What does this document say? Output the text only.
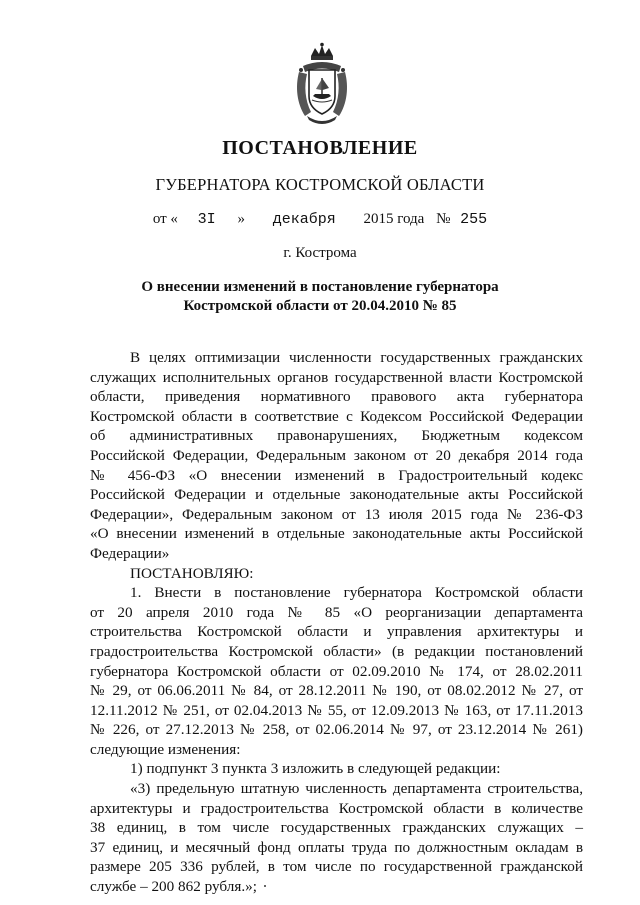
ПОСТАНОВЛЕНИЕ
ГУБЕРНАТОРА КОСТРОМСКОЙ ОБЛАСТИ
от « 3I » декабря 2015 года № 255
г. Кострома
О внесении изменений в постановление губернатора
Костромской области от 20.04.2010 № 85

В целях оптимизации численности государственных гражданских

служащих исполнительных органов государственной власти Костромской

области, приведения нормативного правового акта губернатора

Костромской области в соответствие с Кодексом Российской Федерации

об административных правонарушениях, Бюджетным кодексом

Российской Федерации, Федеральным законом от 20 декабря 2014 года

№ 456-ФЗ «О внесении изменений в Градостроительный кодекс

Российской Федерации и отдельные законодательные акты Российской

Федерации», Федеральным законом от 13 июля 2015 года № 236-ФЗ

«О внесении изменений в отдельные законодательные акты Российской

Федерации»

ПОСТАНОВЛЯЮ:

1. Внести в постановление губернатора Костромской области

от 20 апреля 2010 года № 85 «О реорганизации департамента

строительства Костромской области и управления архитектуры и

градостроительства Костромской области» (в редакции постановлений

губернатора Костромской области от 02.09.2010 № 174, от 28.02.2011

№ 29, от 06.06.2011 № 84, от 28.12.2011 № 190, от 08.02.2012 № 27, от

12.11.2012 № 251, от 02.04.2013 № 55, от 12.09.2013 № 163, от 17.11.2013

№ 226, от 27.12.2013 № 258, от 02.06.2014 № 97, от 23.12.2014 № 261)

следующие изменения:

1) подпункт 3 пункта 3 изложить в следующей редакции:

«3) предельную штатную численность департамента строительства,

архитектуры и градостроительства Костромской области в количестве

38 единиц, в том числе государственных гражданских служащих –

37 единиц, и месячный фонд оплаты труда по должностным окладам в

размере 205 336 рублей, в том числе по государственной гражданской

службе – 200 862 рубля.»;
